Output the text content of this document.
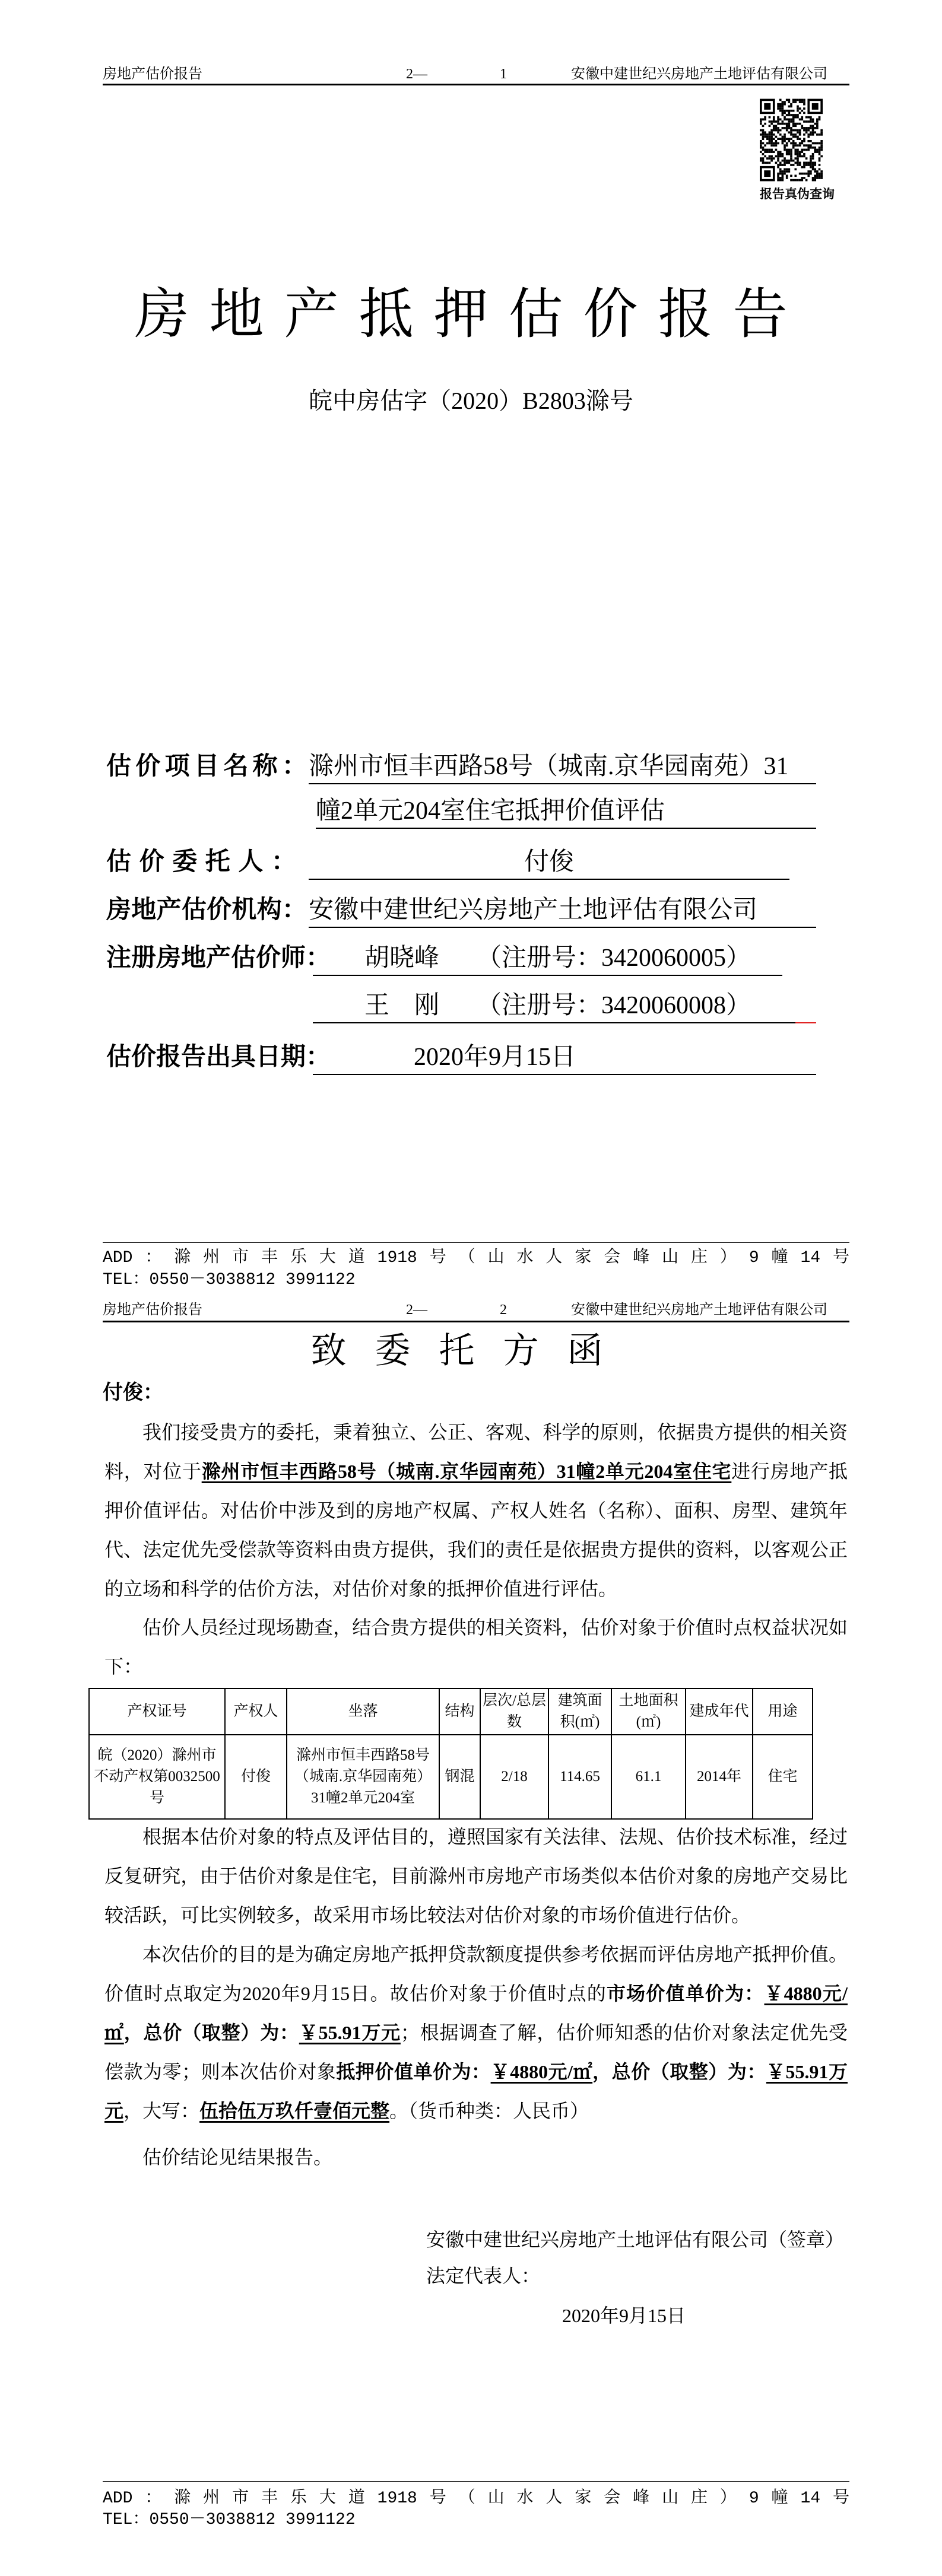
房地产估价报告	2—	1	安徽中建世纪兴房地产土地评估有限公司
报告真伪查询
房地产抵押估价报告
皖中房估字（2020）B2803滁号
估价项目名称： 滁州市恒丰西路58号（城南.京华园南苑）31
幢2单元204室住宅抵押价值评估
估价委托人：	付俊
房地产估价机构： 安徽中建世纪兴房地产土地评估有限公司
注册房地产估价师：	胡晓峰　　（注册号：3420060005）
王　刚　　（注册号：3420060008）
估价报告出具日期：	2020年9月15日
ADD：滁州市丰乐大道1918号（山水人家会峰山庄）9幢14号
TEL：0550－3038812 3991122
房地产估价报告	2—	2	安徽中建世纪兴房地产土地评估有限公司
致委托方函
付俊：
我们接受贵方的委托，秉着独立、公正、客观、科学的原则，依据贵方提供的相关资料，对位于滁州市恒丰西路58号（城南.京华园南苑）31幢2单元204室住宅进行房地产抵押价值评估。对估价中涉及到的房地产权属、产权人姓名（名称）、面积、房型、建筑年代、法定优先受偿款等资料由贵方提供，我们的责任是依据贵方提供的资料，以客观公正的立场和科学的估价方法，对估价对象的抵押价值进行评估。
估价人员经过现场勘查，结合贵方提供的相关资料，估价对象于价值时点权益状况如下：
产权证号	产权人	坐落	结构	层次/总层数	建筑面积(㎡)	土地面积(㎡)	建成年代	用途
皖（2020）滁州市不动产权第0032500号	付俊	滁州市恒丰西路58号（城南.京华园南苑）31幢2单元204室	钢混	2/18	114.65	61.1	2014年	住宅
根据本估价对象的特点及评估目的，遵照国家有关法律、法规、估价技术标准，经过反复研究，由于估价对象是住宅，目前滁州市房地产市场类似本估价对象的房地产交易比较活跃，可比实例较多，故采用市场比较法对估价对象的市场价值进行估价。
本次估价的目的是为确定房地产抵押贷款额度提供参考依据而评估房地产抵押价值。价值时点取定为2020年9月15日。故估价对象于价值时点的市场价值单价为：￥4880元/㎡，总价（取整）为：￥55.91万元；根据调查了解，估价师知悉的估价对象法定优先受偿款为零；则本次估价对象抵押价值单价为：￥4880元/㎡，总价（取整）为：￥55.91万元，大写：伍拾伍万玖仟壹佰元整。（货币种类：人民币）
估价结论见结果报告。
安徽中建世纪兴房地产土地评估有限公司（签章）
法定代表人：
2020年9月15日
ADD：滁州市丰乐大道1918号（山水人家会峰山庄）9幢14号
TEL：0550－3038812 3991122
